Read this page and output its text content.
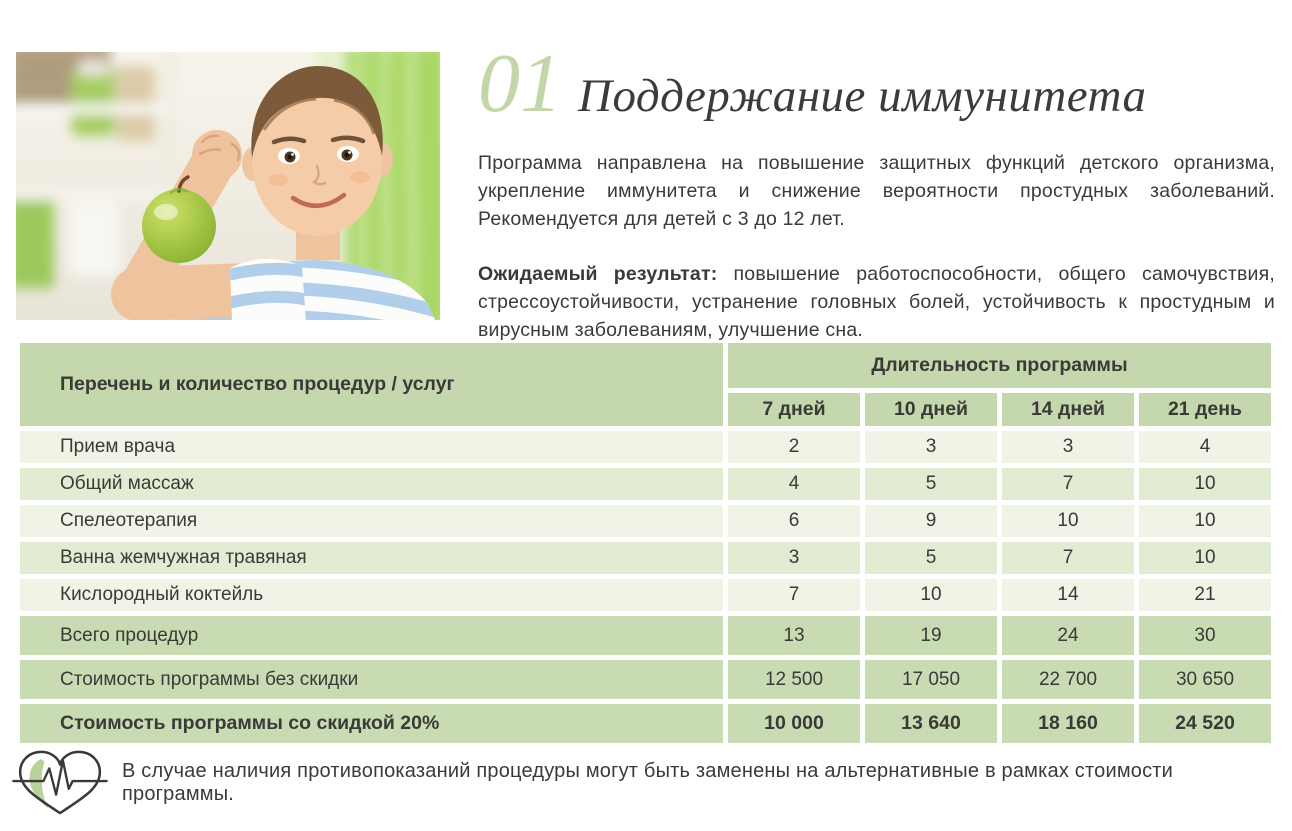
01 Поддержание иммунитета

Программа направлена на повышение защитных функций детского организма, укрепление иммунитета и снижение вероятности простудных заболеваний. Рекомендуется для детей с 3 до 12 лет.

Ожидаемый результат: повышение работоспособности, общего самочувствия, стрессоустойчивости, устранение головных болей, устойчивость к простудным и вирусным заболеваниям, улучшение сна.

Перечень и количество процедур / услуг
Длительность программы
7 дней	10 дней	14 дней	21 день
Прием врача	2	3	3	4
Общий массаж	4	5	7	10
Спелеотерапия	6	9	10	10
Ванна жемчужная травяная	3	5	7	10
Кислородный коктейль	7	10	14	21
Всего процедур	13	19	24	30
Стоимость программы без скидки	12 500	17 050	22 700	30 650
Стоимость программы со скидкой 20%	10 000	13 640	18 160	24 520
В случае наличия противопоказаний процедуры могут быть заменены на альтернативные в рамках стоимости программы.
